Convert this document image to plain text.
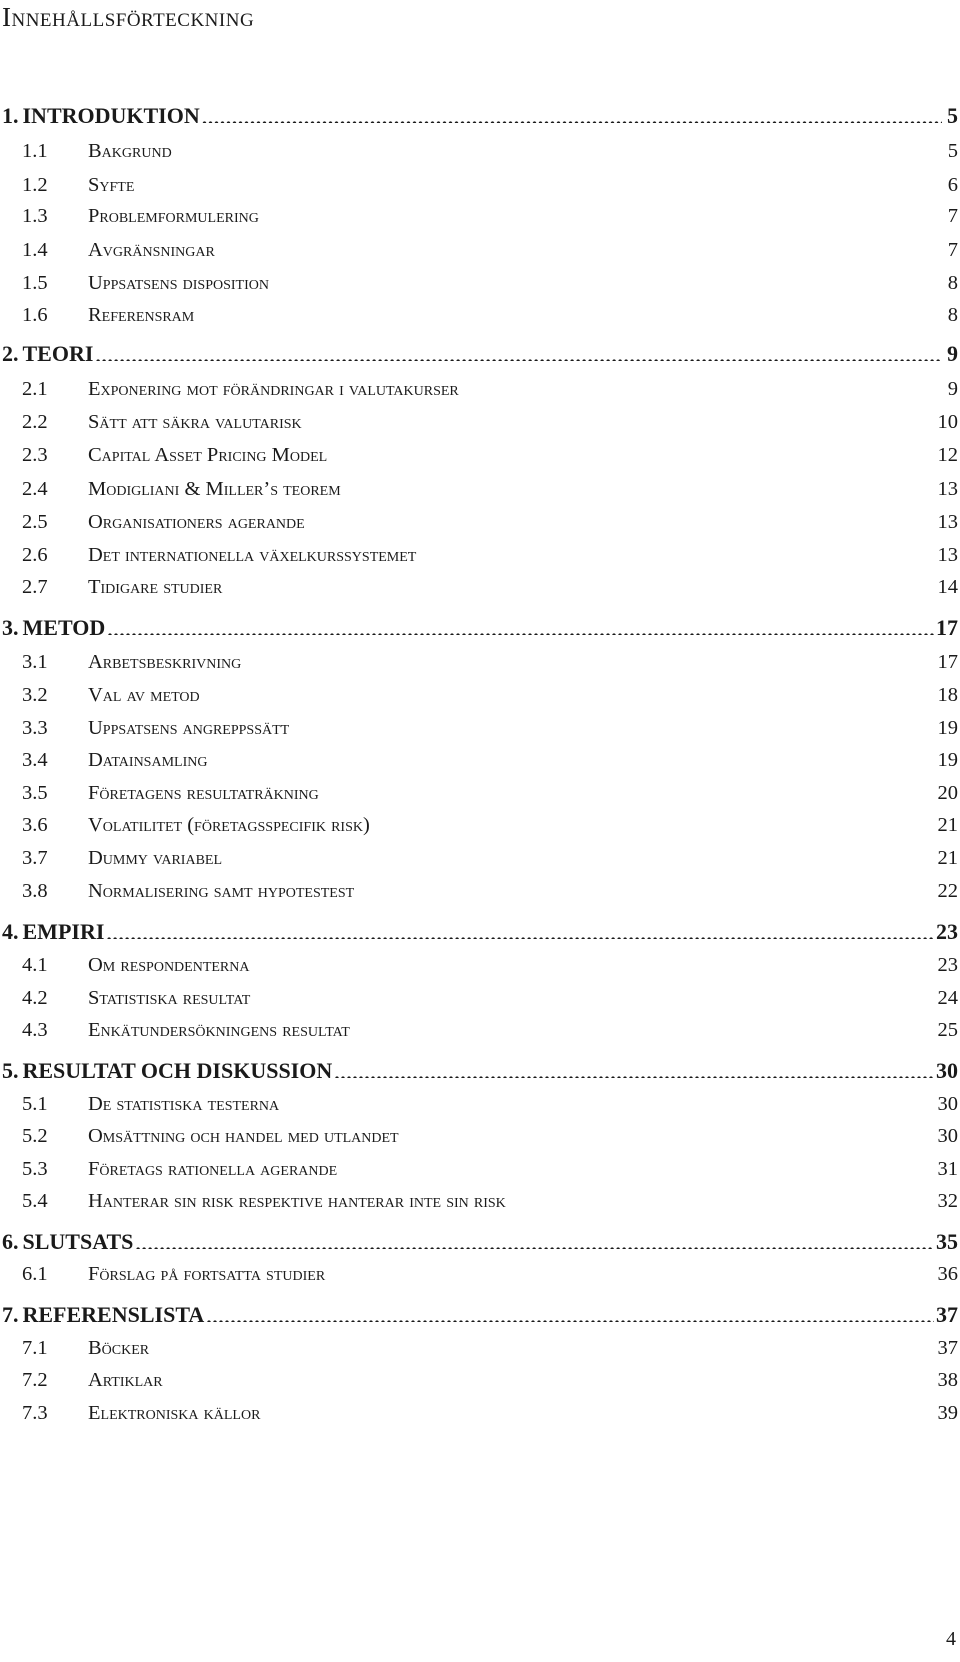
Innehållsförteckning
1. INTRODUKTION .....	5
1.1	Bakgrund .....	5
1.2	Syfte .....	6
1.3	Problemformulering .....	7
1.4	Avgränsningar .....	7
1.5	Uppsatsens disposition .....	8
1.6	Referensram .....	8
2. TEORI .....	9
2.1	Exponering mot förändringar i valutakurser .....	9
2.2	Sätt att säkra valutarisk .....	10
2.3	Capital Asset Pricing Model .....	12
2.4	Modigliani & Miller’s teorem .....	13
2.5	Organisationers agerande .....	13
2.6	Det internationella växelkurssystemet .....	13
2.7	Tidigare studier .....	14
3. METOD .....	17
3.1	Arbetsbeskrivning .....	17
3.2	Val av metod .....	18
3.3	Uppsatsens angreppssätt .....	19
3.4	Datainsamling .....	19
3.5	Företagens resultaträkning .....	20
3.6	Volatilitet (företagsspecifik risk) .....	21
3.7	Dummy variabel .....	21
3.8	Normalisering samt hypotestest .....	22
4. EMPIRI .....	23
4.1	Om respondenterna .....	23
4.2	Statistiska resultat .....	24
4.3	Enkätundersökningens resultat .....	25
5. RESULTAT OCH DISKUSSION .....	30
5.1	De statistiska testerna .....	30
5.2	Omsättning och handel med utlandet .....	30
5.3	Företags rationella agerande .....	31
5.4	Hanterar sin risk respektive hanterar inte sin risk .....	32
6. SLUTSATS .....	35
6.1	Förslag på fortsatta studier .....	36
7. REFERENSLISTA .....	37
7.1	Böcker .....	37
7.2	Artiklar .....	38
7.3	Elektroniska källor .....	39
4
